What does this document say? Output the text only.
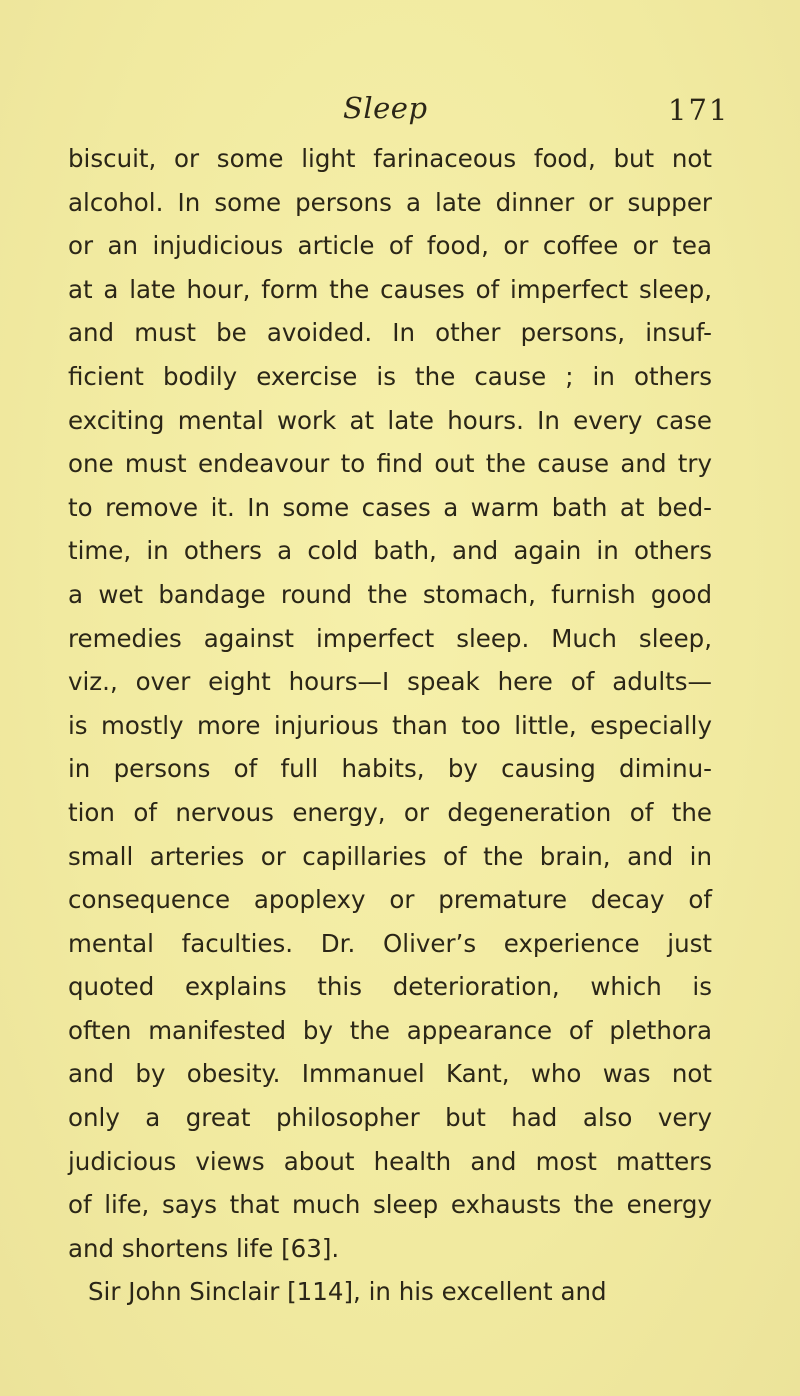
Sleep	171
biscuit, or some light farinaceous food, but not
alcohol. In some persons a late dinner or supper
or an injudicious article of food, or coffee or tea
at a late hour, form the causes of imperfect sleep,
and must be avoided. In other persons, insuf-
ficient bodily exercise is the cause ; in others
exciting mental work at late hours. In every case
one must endeavour to find out the cause and try
to remove it. In some cases a warm bath at bed-
time, in others a cold bath, and again in others
a wet bandage round the stomach, furnish good
remedies against imperfect sleep. Much sleep,
viz., over eight hours—I speak here of adults—
is mostly more injurious than too little, especially
in persons of full habits, by causing diminu-
tion of nervous energy, or degeneration of the
small arteries or capillaries of the brain, and in
consequence apoplexy or premature decay of
mental faculties. Dr. Oliver’s experience just
quoted explains this deterioration, which is
often manifested by the appearance of plethora
and by obesity. Immanuel Kant, who was not
only a great philosopher but had also very
judicious views about health and most matters
of life, says that much sleep exhausts the energy
and shortens life [63].
Sir John Sinclair [114], in his excellent and
